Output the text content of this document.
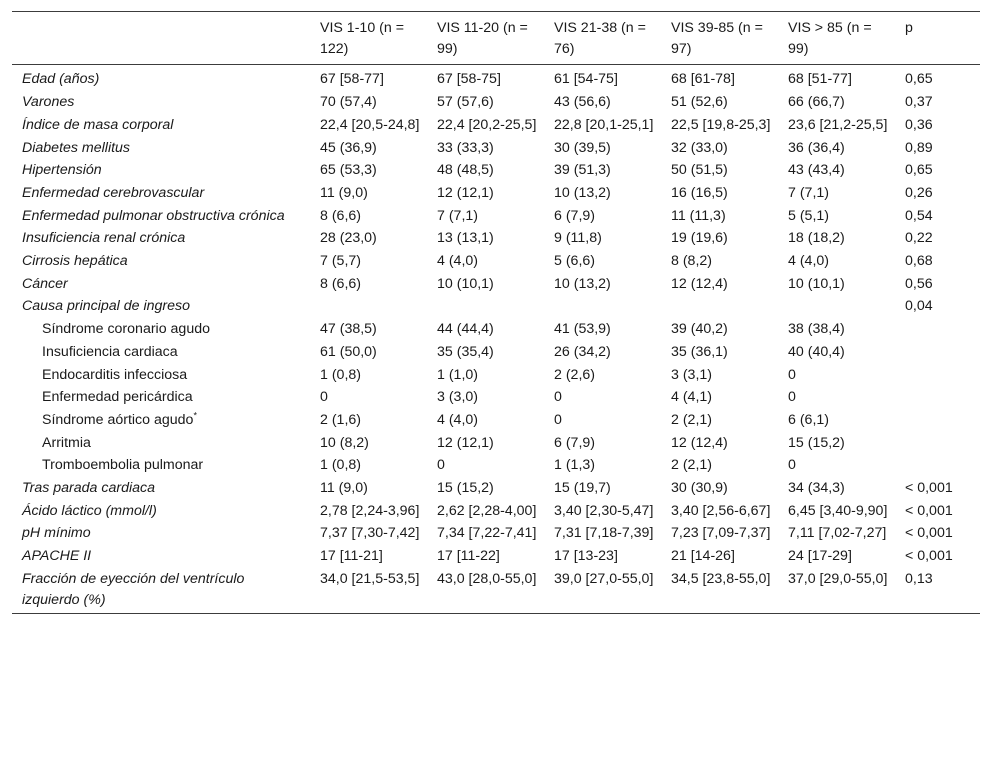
	VIS 1-10 (n = 122)	VIS 11-20 (n = 99)	VIS 21-38 (n = 76)	VIS 39-85 (n = 97)	VIS > 85 (n = 99)	p
Edad (años)	67 [58-77]	67 [58-75]	61 [54-75]	68 [61-78]	68 [51-77]	0,65
Varones	70 (57,4)	57 (57,6)	43 (56,6)	51 (52,6)	66 (66,7)	0,37
Índice de masa corporal	22,4 [20,5-24,8]	22,4 [20,2-25,5]	22,8 [20,1-25,1]	22,5 [19,8-25,3]	23,6 [21,2-25,5]	0,36
Diabetes mellitus	45 (36,9)	33 (33,3)	30 (39,5)	32 (33,0)	36 (36,4)	0,89
Hipertensión	65 (53,3)	48 (48,5)	39 (51,3)	50 (51,5)	43 (43,4)	0,65
Enfermedad cerebrovascular	11 (9,0)	12 (12,1)	10 (13,2)	16 (16,5)	7 (7,1)	0,26
Enfermedad pulmonar obstructiva crónica	8 (6,6)	7 (7,1)	6 (7,9)	11 (11,3)	5 (5,1)	0,54
Insuficiencia renal crónica	28 (23,0)	13 (13,1)	9 (11,8)	19 (19,6)	18 (18,2)	0,22
Cirrosis hepática	7 (5,7)	4 (4,0)	5 (6,6)	8 (8,2)	4 (4,0)	0,68
Cáncer	8 (6,6)	10 (10,1)	10 (13,2)	12 (12,4)	10 (10,1)	0,56
Causa principal de ingreso						0,04
Síndrome coronario agudo	47 (38,5)	44 (44,4)	41 (53,9)	39 (40,2)	38 (38,4)	
Insuficiencia cardiaca	61 (50,0)	35 (35,4)	26 (34,2)	35 (36,1)	40 (40,4)	
Endocarditis infecciosa	1 (0,8)	1 (1,0)	2 (2,6)	3 (3,1)	0	
Enfermedad pericárdica	0	3 (3,0)	0	4 (4,1)	0	
Síndrome aórtico agudo*	2 (1,6)	4 (4,0)	0	2 (2,1)	6 (6,1)	
Arritmia	10 (8,2)	12 (12,1)	6 (7,9)	12 (12,4)	15 (15,2)	
Tromboembolia pulmonar	1 (0,8)	0	1 (1,3)	2 (2,1)	0	
Tras parada cardiaca	11 (9,0)	15 (15,2)	15 (19,7)	30 (30,9)	34 (34,3)	< 0,001
Ácido láctico (mmol/l)	2,78 [2,24-3,96]	2,62 [2,28-4,00]	3,40 [2,30-5,47]	3,40 [2,56-6,67]	6,45 [3,40-9,90]	< 0,001
pH mínimo	7,37 [7,30-7,42]	7,34 [7,22-7,41]	7,31 [7,18-7,39]	7,23 [7,09-7,37]	7,11 [7,02-7,27]	< 0,001
APACHE II	17 [11-21]	17 [11-22]	17 [13-23]	21 [14-26]	24 [17-29]	< 0,001
Fracción de eyección del ventrículo izquierdo (%)	34,0 [21,5-53,5]	43,0 [28,0-55,0]	39,0 [27,0-55,0]	34,5 [23,8-55,0]	37,0 [29,0-55,0]	0,13
